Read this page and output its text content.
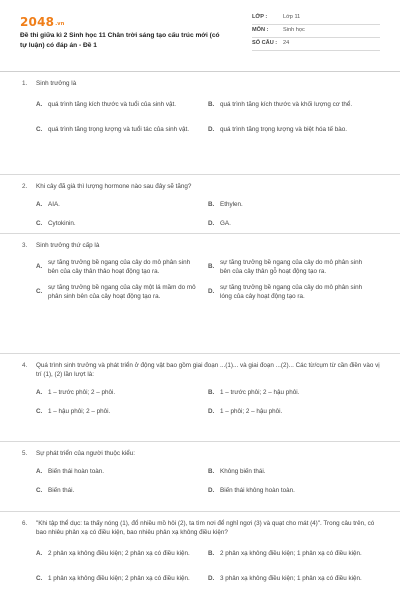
2048.vn
Đề thi giữa kì 2 Sinh học 11 Chân trời sáng tạo cấu trúc mới (có tự luận) có đáp án - Đề 1
LỚP :	Lớp 11
MÔN :	Sinh học
SỐ CÂU :	24
1.	Sinh trưởng là
A. quá trình tăng kích thước và tuổi của sinh vật.	B. quá trình tăng kích thước và khối lượng cơ thể.
C. quá trình tăng trọng lượng và tuổi tác của sinh vật.	D. quá trình tăng trọng lượng và biệt hóa tế bào.
2.	Khi cây đã già thì lượng hormone nào sau đây sẽ tăng?
A. AIA.	B. Ethylen.
C. Cytokinin.	D. GA.
3.	Sinh trưởng thứ cấp là
A.
sự tăng trưởng bề ngang của cây do mô phân sinh bên của cây thân thảo hoạt động tạo ra.
B.
sự tăng trưởng bề ngang của cây do mô phân sinh bên của cây thân gỗ hoạt động tạo ra.
C.
sự tăng trưởng bề ngang của cây một lá mầm do mô phân sinh bên của cây hoạt động tạo ra.
D.
sự tăng trưởng bề ngang của cây do mô phân sinh lóng của cây hoạt động tạo ra.
4.	Quá trình sinh trưởng và phát triển ở động vật bao gồm giai đoạn ...(1)... và giai đoạn ...(2)... Các từ/cụm từ cần điền vào vị trí (1), (2) lần lượt là:
A. 1 – trước phôi; 2 – phôi.	B. 1 – trước phôi; 2 – hậu phôi.
C. 1 – hậu phôi; 2 – phôi.	D. 1 – phôi; 2 – hậu phôi.
5.	Sự phát triển của người thuộc kiểu:
A. Biến thái hoàn toàn.	B. Không biến thái.
C. Biến thái.	D. Biến thái không hoàn toàn.
6.	"Khi tập thể dục: ta thấy nóng (1), đổ nhiều mồ hôi (2), ta tìm nơi để nghỉ ngơi (3) và quạt cho mát (4)". Trong câu trên, có bao nhiêu phản xạ có điều kiện, bao nhiêu phản xạ không điều kiện?
A. 2 phản xạ không điều kiện; 2 phản xạ có điều kiện.	B. 2 phản xạ không điều kiện; 1 phản xạ có điều kiện.
C. 1 phản xạ không điều kiện; 2 phản xạ có điều kiện.	D. 3 phản xạ không điều kiện; 1 phản xạ có điều kiện.
